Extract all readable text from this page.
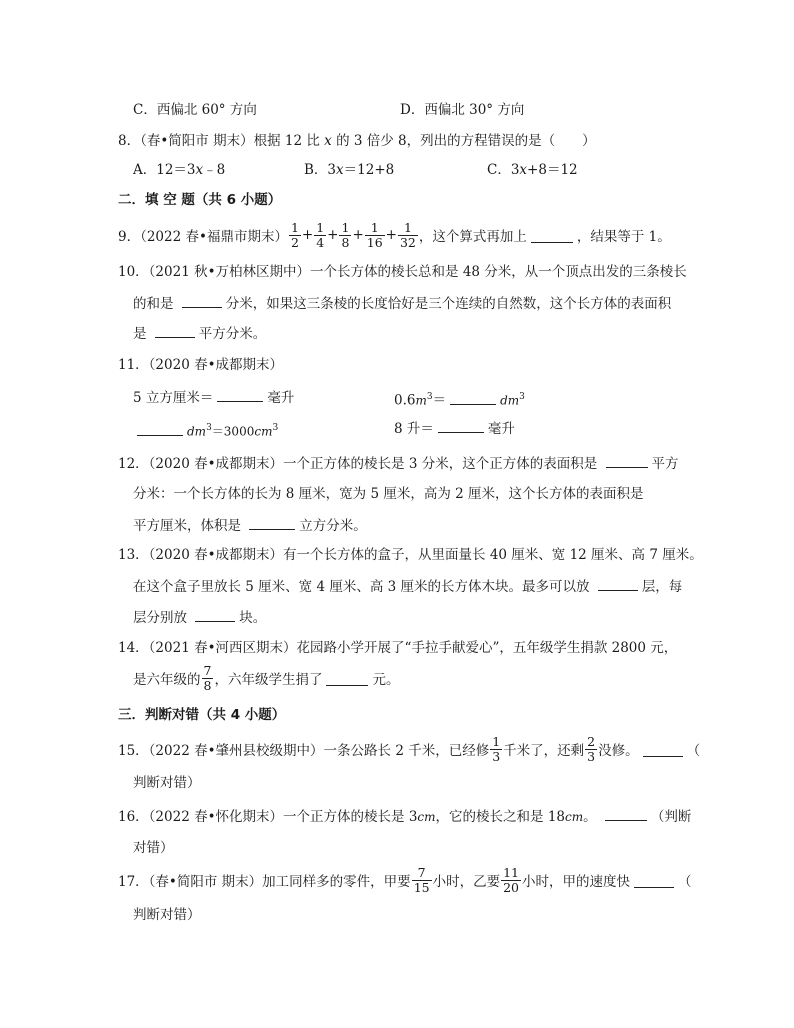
C．西偏北 60° 方向	D．西偏北 30° 方向
8．（春•简阳市 期末）根据 12 比 x 的 3 倍少 8，列出的方程错误的是（　　）
A．12＝3x﹣8	B．3x＝12+8	C．3x+8＝12
二．填 空 题（共 6 小题）
9．（2022 春•福鼎市期末） $\frac{1}{2} + \frac{1}{4} + \frac{1}{8} + \frac{1}{16} + \frac{1}{32}$ ，这个算式再加上	，结果等于 1。
10．（2021 秋•万柏林区期中）一个长方体的棱长总和是 48 分米，从一个顶点出发的三条棱长
的和是	分米，如果这三条棱的长度恰好是三个连续的自然数，这个长方体的表面积
是	平方分米。
11．（2020 春•成都期末）
5 立方厘米＝	毫升	$0.6m^3=$	$dm^3$
$dm^3=3000cm^3$	8 升＝	毫升
12．（2020 春•成都期末）一个正方体的棱长是 3 分米，这个正方体的表面积是	平方
分米：一个长方体的长为 8 厘米，宽为 5 厘米，高为 2 厘米，这个长方体的表面积是
平方厘米，体积是	立方分米。
13．（2020 春•成都期末）有一个长方体的盒子，从里面量长 40 厘米、宽 12 厘米、高 7 厘米。
在这个盒子里放长 5 厘米、宽 4 厘米、高 3 厘米的长方体木块。最多可以放	层，每
层分别放	块。
14．（2021 春•河西区期末）花园路小学开展了“手拉手献爱心”，五年级学生捐款 2800 元，
是六年级的 $\frac{7}{8}$ ，六年级学生捐了	元。
三．判断对错（共 4 小题）
15．（2022 春•肇州县校级期中）一条公路长 2 千米，已经修 $\frac{1}{3}$ 千米了，还剩 $\frac{2}{3}$ 没修。	（
判断对错）
16．（2022 春•怀化期末）一个正方体的棱长是 3cm，它的棱长之和是 18cm。	（判断
对错）
17．（春•简阳市 期末）加工同样多的零件，甲要 $\frac{7}{15}$ 小时，乙要 $\frac{11}{20}$ 小时，甲的速度快	（
判断对错）
